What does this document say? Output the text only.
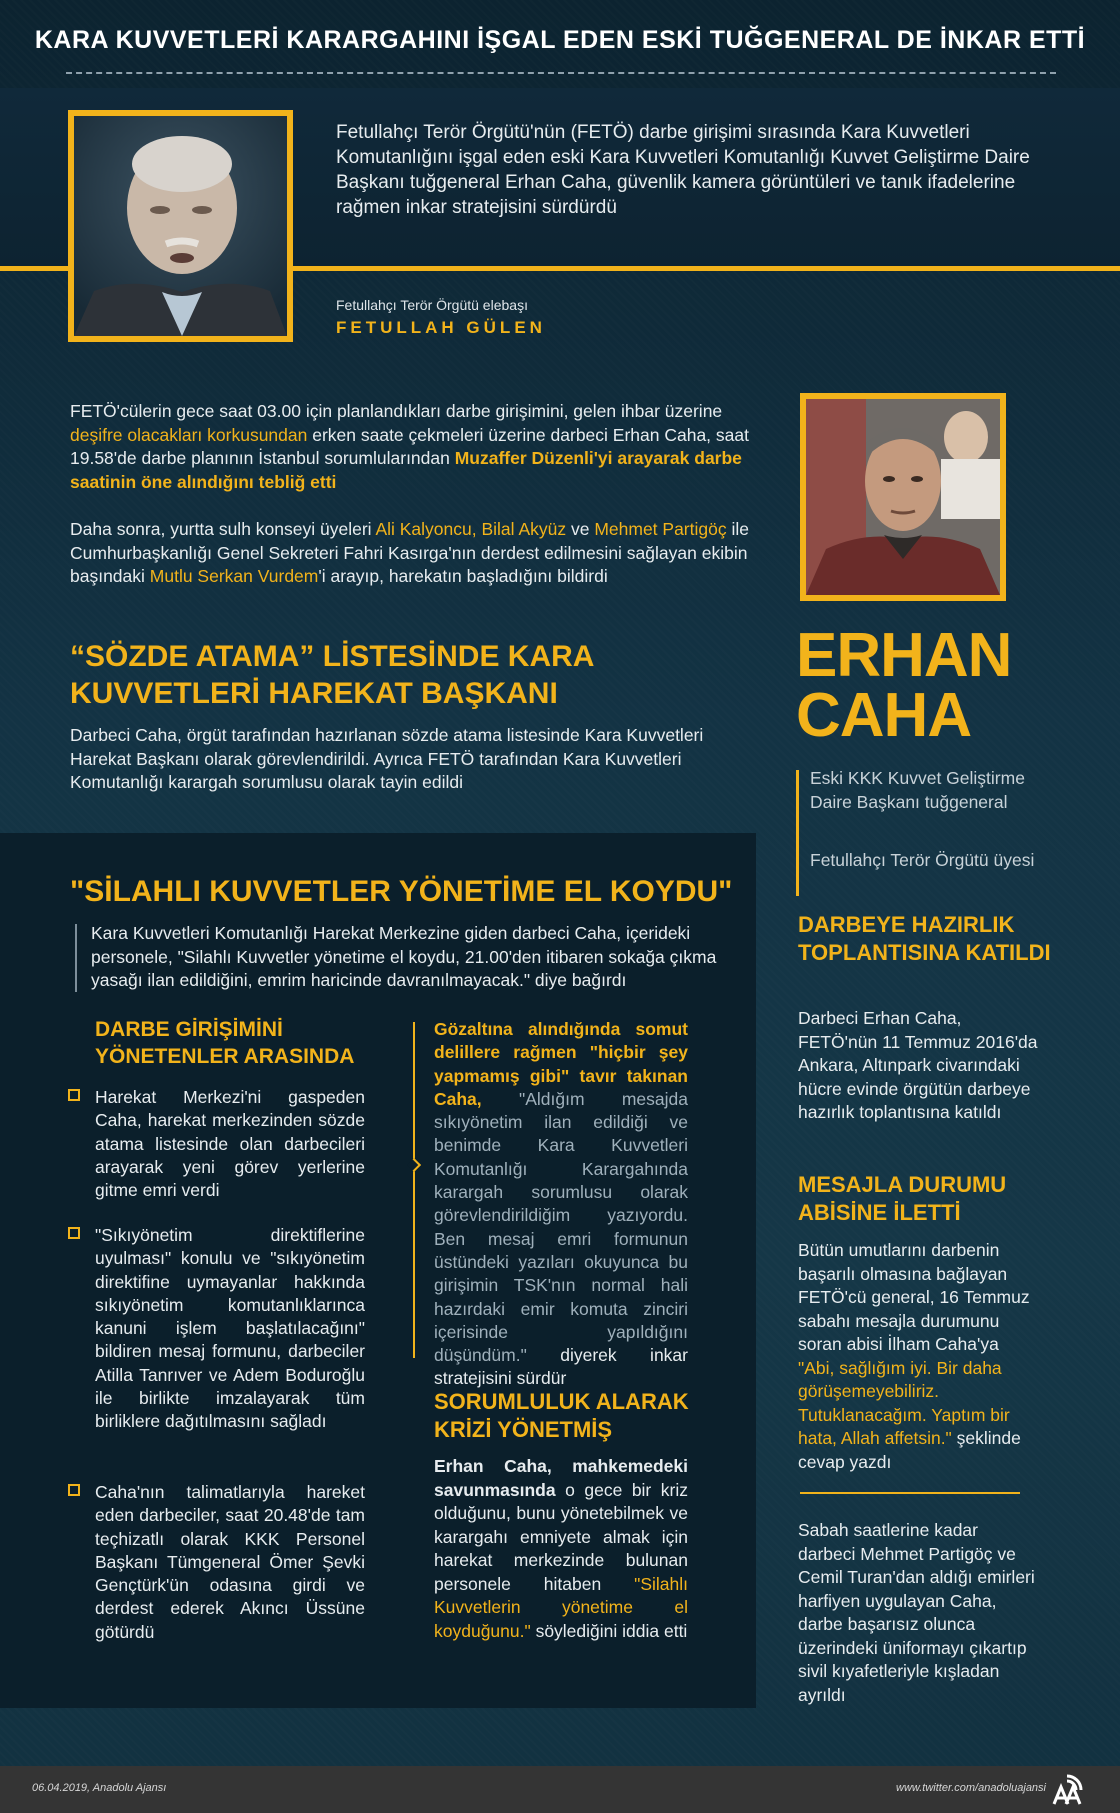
KARA KUVVETLERİ KARARGAHINI İŞGAL EDEN ESKİ TUĞGENERAL DE İNKAR ETTİ
Fetullahçı Terör Örgütü'nün (FETÖ) darbe girişimi sırasında Kara Kuvvetleri Komutanlığını işgal eden eski Kara Kuvvetleri Komutanlığı Kuvvet Geliştirme Daire Başkanı tuğgeneral Erhan Caha, güvenlik kamera görüntüleri ve tanık ifadelerine rağmen inkar stratejisini sürdürdü
Fetullahçı Terör Örgütü elebaşı
FETULLAH GÜLEN
FETÖ'cülerin gece saat 03.00 için planlandıkları darbe girişimini, gelen ihbar üzerine deşifre olacakları korkusundan erken saate çekmeleri üzerine darbeci Erhan Caha, saat 19.58'de darbe planının İstanbul sorumlularından Muzaffer Düzenli'yi arayarak darbe saatinin öne alındığını tebliğ etti
Daha sonra, yurtta sulh konseyi üyeleri Ali Kalyoncu, Bilal Akyüz ve Mehmet Partigöç ile Cumhurbaşkanlığı Genel Sekreteri Fahri Kasırga'nın derdest edilmesini sağlayan ekibin başındaki Mutlu Serkan Vurdem'i arayıp, harekatın başladığını bildirdi
“SÖZDE ATAMA” LİSTESİNDE KARA KUVVETLERİ HAREKAT BAŞKANI
Darbeci Caha, örgüt tarafından hazırlanan sözde atama listesinde Kara Kuvvetleri Harekat Başkanı olarak görevlendirildi. Ayrıca FETÖ tarafından Kara Kuvvetleri Komutanlığı karargah sorumlusu olarak tayin edildi
"SİLAHLI KUVVETLER YÖNETİME EL KOYDU"
Kara Kuvvetleri Komutanlığı Harekat Merkezine giden darbeci Caha, içerideki personele, "Silahlı Kuvvetler yönetime el koydu, 21.00'den itibaren sokağa çıkma yasağı ilan edildiğini, emrim haricinde davranılmayacak." diye bağırdı
DARBE GİRİŞİMİNİ YÖNETENLER ARASINDA
Harekat Merkezi'ni gaspeden Caha, harekat merkezinden sözde atama listesinde olan darbecileri arayarak yeni görev yerlerine gitme emri verdi
"Sıkıyönetim direktiflerine uyulması" konulu ve "sıkıyönetim direktifine uymayanlar hakkında sıkıyönetim komutanlıklarınca kanuni işlem başlatılacağını" bildiren mesaj formunu, darbeciler Atilla Tanrıver ve Adem Boduroğlu ile birlikte imzalayarak tüm birliklere dağıtılmasını sağladı
Caha'nın talimatlarıyla hareket eden darbeciler, saat 20.48'de tam teçhizatlı olarak KKK Personel Başkanı Tümgeneral Ömer Şevki Gençtürk'ün odasına girdi ve derdest ederek Akıncı Üssüne götürdü
Gözaltına alındığında somut delillere rağmen "hiçbir şey yapmamış gibi" tavır takınan Caha, "Aldığım mesajda sıkıyönetim ilan edildiği ve benimde Kara Kuvvetleri Komutanlığı Karargahında karargah sorumlusu olarak görevlendirildiğim yazıyordu. Ben mesaj emri formunun üstündeki yazıları okuyunca bu girişimin TSK'nın normal hali hazırdaki emir komuta zinciri içerisinde yapıldığını düşündüm." diyerek inkar stratejisini sürdür
SORUMLULUK ALARAK KRİZİ YÖNETMİŞ
Erhan Caha, mahkemedeki savunmasında o gece bir kriz olduğunu, bunu yönetebilmek ve karargahı emniyete almak için harekat merkezinde bulunan personele hitaben "Silahlı Kuvvetlerin yönetime el koyduğunu." söylediğini iddia etti
ERHAN
CAHA
Eski KKK Kuvvet Geliştirme Daire Başkanı tuğgeneral
Fetullahçı Terör Örgütü üyesi
DARBEYE HAZIRLIK TOPLANTISINA KATILDI
Darbeci Erhan Caha, FETÖ'nün 11 Temmuz 2016'da Ankara, Altınpark civarındaki hücre evinde örgütün darbeye hazırlık toplantısına katıldı
MESAJLA DURUMU ABİSİNE İLETTİ
Bütün umutlarını darbenin başarılı olmasına bağlayan FETÖ'cü general, 16 Temmuz sabahı mesajla durumunu soran abisi İlham Caha'ya "Abi, sağlığım iyi. Bir daha görüşemeyebiliriz. Tutuklanacağım. Yaptım bir hata, Allah affetsin." şeklinde cevap yazdı
Sabah saatlerine kadar darbeci Mehmet Partigöç ve Cemil Turan'dan aldığı emirleri harfiyen uygulayan Caha, darbe başarısız olunca üzerindeki üniformayı çıkartıp sivil kıyafetleriyle kışladan ayrıldı
06.04.2019, Anadolu Ajansı	www.twitter.com/anadoluajansi
